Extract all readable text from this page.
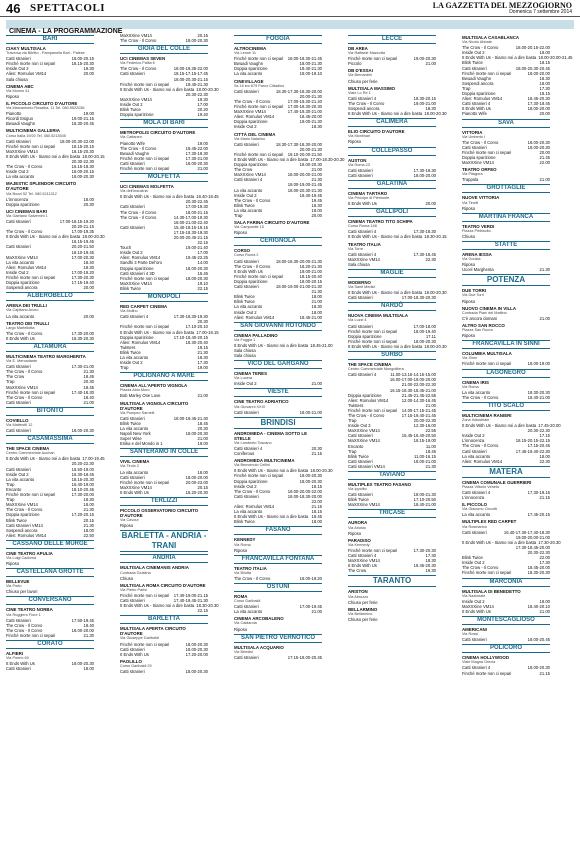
46 SPETTACOLI	LA GAZZETTA DEL MEZZOGIORNO
Domenica 7 settembre 2014
CINEMA - LA PROGRAMMAZIONE
BARI
CIAKY MULTISALA
Traversa via Bitritto - Pampanella Bari - Palese
Catti stranieri	18.00-20.15
Finché morte non ci separi	18.15-20.30
Inside Out 2	19.30
Alien: Romulus VM14	20.00
Sala chiusa
CINEMA ABC
Via Monno 41
Riposo
IL PICCOLO CIRCUITO D'AUTORE
Via Marcantonio Rosalba, 11 Tel. 080.5522036
Pianotto	19.00
Ricordi Esiguo	19.00-21.15
Bwuadi Vaughn	18.30-20.45
MULTICINEMA GALLERIA
Corso Italia 19/20 Tel. 080.5213545
Catti stranieri	18.00-20.30-22.00
Finché morte non ci separi	18.15-20.15
MaXXXine VM14	18.15-20.30
It Ends With Us - Siamo noi a dire basta 18.00-20.15
20.30-22.30
The Crow - Il Corvo	16.15-18.30
Inside Out 2	18.00-20.15
La vita accanto	18.00-20.30
MAJESTIC SPLENDOR CIRCUITO D'AUTORE
Via Bozzi 52 Tel. 080.5211312
L'innocenza	18.00
Doppia sparizione	20.30
UCI CINEMAS BARI
Via Gaetano Salvemini 1
Catti stranieri	17.00-18.15-19.20
20.20-21.15
The Crow - Il Corvo	17.00-19.35
It Ends With Us - Siamo noi a dire basta 18.00-20.30
16.15-19.45
Catti stranieri	20.20-21.50
18.10-19.45
MaXXXine VM14	17.00-20.30
La vita accanto	18.40
Alien: Romulus VM14	18.30
Inside Out 2	17.00-19.20
Finché morte non ci separi	17.30-20.30
Doppia sparizione	17.15-19.40
Sospendi ancora	20.00
ALBEROBELLO
ARENA DEI TRULLI
Via Capitano Arceo
La vita accanto	20.00
TEATRO DEI TRULLI
Largo Martellotta
The Crow - Il Corvo	17.30-20.00
It Ends With Us	18.30-20.30
ALTAMURA
MULTICINEMA TEATRO MARGHERITA
Via E. Mercadante
Catti stranieri	17.30-21.00
The Crow - Il Corvo	21.30
The Crow	18.45
Trap	20.30
MaXXXine VM14	18.45
Finché morte non ci separi	17.40-18.30
The Crow - Il Corvo	18.40
Catti stranieri	21.00
BITONTO
COVIELLO
Via Matteotti 12
Catti stranieri	18.00-20.30
CASAMASSIMA
THE SPACE CINEMA
Centro Commerciale Auchan
It Ends With Us - Siamo noi a dire basta 17.00-19.45
20.20-22.30
Catti stranieri	16.50-19.00
Inside Out 2	16.30-18.45
La vita accanto	18.15-20.30
Trap	16.40-19.00
Encanto	18.10-20.45
Finché morte non ci separi	17.30-20.00
Trap	18.30
MaXXXine VM14	18.00
The Crow - Il Corvo	21.30
Doppia sparizione	17.20-20.15
Blink Twice	20.15
Catti stranieri VM14	21.30
Sospendi ancora	18.00
Alien: Romulus VM14	22.50
CASSANO DELLE MURGE
CINE TEATRO APULIA
Via Luigi Cadorna
Riposo
CASTELLANA GROTTE
BELLEVUE
Via Porto
Chiuso per lavori
CONVERSANO
CINE TEATRO NORBA
Via Ruggiero Fiore 1
Catti stranieri	17.50-19.45
The Crow - Il Corvo	18.40
The Crow - Il Corvo	18.00-20.00
Finché morte non ci separi	21.30
CORATO
ALFIERI
Via Poerio 69
It Ends With Us	18.00-20.30
Catti stranieri	18.00
MaXXXine VM14	20.15
The Crow - Il Corvo	18.00-20.30
GIOIA DEL COLLE
UCI CINEMAS SEVEN
Via Federico Pallia 6
The Crow - Il Corvo	18.00-19.35-22.00
Catti stranieri	18.15-17.15-17.45
18.00-20.30-21.15
Finché morte non ci separi	19.45-21.30
It Ends With Us - Siamo noi a dire basta 18.00-20.30
20.30-22.30
MaXXXine VM14	19.30
Inside Out 2	17.00
Blink Twice	20.20
Doppia sparizione	19.40
MOLA DI BARI
METROPOLIS CIRCUITO D'AUTORE
Via Cattaneo
Pianotto Wife	19.00
The Crow - Il Corvo	19.45-22.00
Bwuadi Vaughn	17.30-19.30
Finché morte non ci separi	17.30-21.00
Catti stranieri	18.00-20.30
Finché morte non ci separi	21.00
MOLFETTA
UCI CINEMAS MOLFETTA
Via dell'Industria
It Ends With Us - Siamo noi a dire basta 16.40-18.45
20.30-22.45
Catti stranieri	17.00-19.30
The Crow - Il Corvo	18.00-21.15
The Crow - Il Corvo	14.30-17.00-19.30
18.00-21.00-22.40
Catti stranieri	15.40-18.15-19.15
17.15-18.30-19.30
20.00-20.45-21.15
22.15
Touch	19.00-21.40
Inside Out 2	17.00
Alien: Romulus VM14	19.45-22.25
Sandhi 3 Parte Del'oro	14.00
Doppia sparizione	18.00-20.30
Catti stranieri 4 3D	15.45
Finché morte non ci separi	18.00-20.30
MaXXXine VM14	19.10
Blink Twice	22.15
MONOPOLI
RED CARPET CINEMA
Via Mulino
Catti stranieri 4	17.30-18.30-19.30
20.30
Finché morte non ci separi	17.10-20.10
It Ends With Us - Siamo noi a dire basta 17.00-18.15
Doppia sparizione	17.10-18.40-20.15
Alien: Romulus VM14	18.30-20.40
Twisters	19.15
Blink Twice	21.30
La vita accanto	18.30
Inside Out 2	17.30
Trap	19.00
POLIGNANO A MARE
CINEMA ALL'APERTO VIGNOLA
Piazza Aldo Moro
Bob Marley One Love	21.00
MULTISALA VIGNOLA CIRCUITO D'AUTORE
Via Pompeo Sarnelli
Catti stranieri	18.00-19.45-21.30
Blink Twice	18.45
La vita accanto	20.30
Napoli New York	18.00-20.30
Super Wise	21.00
Eriika e del Mondo in 1	19.00
SANTERAMO IN COLLE
VIVIL CINEMA
Via Tirolo 2
La vita accanto	18.00
Catti stranieri	18.00-20.00
Finché morte non ci separi	20.00-22.00
MaXXXine VM14	20.15
It Ends With Us	18.20-20.30
TERLIZZI
PICCOLO OSSERVATORIO CIRCUITO D'AUTORE
Via Cavour
Riposo
BARLETTA - ANDRIA - TRANI
ANDRIA
MULTISALA CINEMANIS ANDRIA
Contrada Giustina
Chiuso
MULTISALA ROMA CIRCUITO D'AUTORE
Via Pietro Parisi
Finché morte non ci separi	17.40-19.00-21.15
Catti stranieri	17.40-19.45-21.30
It Ends With Us - Siamo noi a dire basta 18.30-20.30
22.15
BARLETTA
MULTISALA APERTA CIRCUITO D'AUTORE
Via Giuseppe Garibaldi
Finché morte non ci separi	18.00-20.30
Catti stranieri	18.00-20.30
It Ends With Us	17.20-20.00
PAOLILLO
Corso Garibaldi 29
Catti stranieri	18.00-20.30
FOGGIA
ALTROCINEMA
Via Leone 11
Finché morte non ci separi	18.00-18.30-21.45
Bwuadi Vaughn	18.00-21.30
Doppia sparizione	18.40-21.30
La vita accanto	18.00-19.10
CINEVILLAGE
Ss 16 km 679 Parco Cittadino
Catti stranieri	18.30-17.30-18.30-20.00
20.00-21.30
The Crow - Il Corvo	17.00-19.30-21.40
Finché morte non ci separi	17.00-18.30-20.30
MaXXXine VM14	17.40-19.30-21.00
Alien: Romulus VM14	18.45-20.00
Doppia sparizione	19.00-21.30
Inside Out 2	18.30
CITTÀ DEL CINEMA
Via Mario Natalino
Catti stranieri	18.30-17.30-18.30-20.00
20.00-21.30
Finché morte non ci separi	18.10-20.00-21.50
It Ends With Us - Siamo noi a dire basta 17.00-18.30-20.30
Doppia sparizione	18.00-20.30
The Crow	21.00
MaXXXine VM14	18.00-20.00-21.00
Catti stranieri 4	21.30
18.00-19.00-21.45
La vita accanto	18.00-20.30-21.30
Inside Out 2	18.40-19.45
The Crow - Il Corvo	19.45
Blink Twice	18.30
La vita accanto	18.00
Trap	20.00
SALA FARINA CIRCUITO D'AUTORE
Via Campanile 15
Riposo
CERIGNOLA
CORSO
Corso Roma 2
Catti stranieri	18.00-18.30-20.00-21.30
The Crow - Il Corvo	18.20-21.30
It Ends With Us	19.00-21.00
Finché morte non ci separi	18.15-20.40
Doppia sparizione	18.00-20.15
Catti stranieri	18.00-19.00-21.00-21.30
21.30
Blink Twice	18.00
Blink Twice	21.00
La vita accanto	18.30
Inside Out 2	18.00
Alien: Romulus VM14	18.45-21.00
SAN GIOVANNI ROTONDO
CINEMA PALLADINO
Via Foggia 1
It Ends With Us - Siamo noi a dire basta 18.45-21.00
Sala chiusa
Sala chiusa
VICO DEL GARGANO
CINEMA TERES
Via Lucera
Inside Out 2	21.00
VIESTE
CINE TEATRO ADRIATICO
Via Giovanni XXIII
Catti stranieri	18.00-21.00
BRINDISI
ANDROMEDA - CINEMA SOTTO LE STELLE
Via Lamberto Toscano
Catti stranieri 4	20.30
Coniferous	21.15
ANDROMEDA MULTICINEMA
Via Benvenuto Cellini
It Ends With Us - Siamo noi a dire basta 18.00-20.30
Finché morte non ci separi	18.00-20.30
Doppia sparizione	18.00-20.30
Inside Out 2	18.15
The Crow - Il Corvo	18.00-20.00-22.00
Catti stranieri	18.00-18.30-20.00
22.00
Alien: Romulus VM14	21.15
La vita accanto	18.15
It Ends With Us - Siamo noi a dire basta 18.45
Blink Twice	18.00
FASANO
KENNEDY
Via Roma
Riposo
FRANCAVILLA FONTANA
TEATRO ITALIA
Via Bilotta
The Crow - Il Corvo	18.00-19.20
OSTUNI
ROMA
Corso Garibaldi
Catti stranieri	17.00-19.45
La vita accanto	21.00
CINEMA ARCOBALENO
Via Caldarola
Riposo
SAN PIETRO VERNOTICO
MULTISALA ACQUARIO
Via Brindisi
Catti stranieri	17.15-18.00-20.45
LECCE
DB AREA
Via Raffaele Mazzotta
Finché morte non ci separi	19.00-20.30
Piccolo	21.00
DB D'ESSAI
Via Bernardini
Chiuso per ferie
MULTISALA MASSIMO
Viale Lo Re 1
Catti stranieri 4	18.30-20.15
The Crow - Il Corvo	19.00-21.00
Sospendi ancora	18.30
It Ends With Us - Siamo noi a dire basta 18.00-20.30
CALIMERA
ELIO CIRCUITO D'AUTORE
Via Montinari
Riposo
COLLEPASSO
AUSTON
Via Roma 23
Catti stranieri	17.30-19.30
Catti stranieri	18.00-20.00
GALATINA
CINEMA TARTARO
Via Principe di Piemonte
It Ends With Us	20.00
GALLIPOLI
CINEMA TEATRO TITO SCHIPA
Corso Roma 148
Catti stranieri 4	17.30-18.30
It Ends With Us - Siamo noi a dire basta 18.30-20.15
TEATRO ITALIA
Via Torre
Catti stranieri 4	17.30-18.45
MaXXXine VM14	22.30
Sala chiusa
MAGLIE
MODERNO
Via Santi Medici
It Ends With Us - Siamo noi a dire basta 18.00-20.30
Catti stranieri	17.00-18.30-20.30
NARDÒ
NUOVA CINEMA MULTISALA
Via Luzzi 4
Catti stranieri	17.00-18.00
Finché morte non ci separi	18.00-19.40
Doppia sparizione	17.11
Finché morte non ci separi	18.00-20.30
It Ends With Us - Siamo noi a dire basta 18.00-20.30
SURBO
THE SPACE CINEMA
Centro Commerciale Mongolfiera
Catti stranieri 4	11.00-13.15-14.15-15.00
16.00-17.00-19.00-20.00
21.00-22.00-22.30
16.15-18.30-18.45-21.00
Doppia sparizione	21.45-21.45-22.55
Alien: Romulus VM14	12.00-14.30-16.45
Twisters	21.00
Finché morte non ci separi	14.00-17.15-21.45
The Crow - Il Corvo	17.15-19.40-21.45
Trap	20.00-22.30
Inside Out 2	12.30-16.00
MaXXXine VM14	22.55
Catti stranieri	15.45-16.40-20.50
MaXXXine VM14	16.15-19.00
Encanto	11.00
Trap	18.45
Blink Twice	11.00-16.15
Catti stranieri	18.00-21.00
Catti stranieri VM14	21.30
TAVIANO
MULTIPLEX TEATRO FASANO
Via Ippolito
Catti stranieri	18.00-21.30
Blink Twice	17.10-20.50
MaXXXine VM14	18.40-21.00
TRICASE
AURORA
Via Ariosto
Riposo
PARADISO
Via Kennedy
Finché morte non ci separi	17.30-20.30
Catti stranieri 4	17.30
MaXXXine VM14	18.30
It Ends With Us	18.45-20.30
The Crow	19.30
TARANTO
ARISTON
Via Abruzzo
Chiuso per ferie
BELLARMINO
Via Bellarmino
Chiuso per ferie
MULTISALA CASABLANCA
Via Nicolo Abbate
The Crow - Il Corvo	18.00-20.15-22.00
Inside Out 2	18.00
It Ends With Us - Siamo noi a dire basta 18.00-20.00-21.45
Blink Twice	18.15
Catti stranieri	18.00-20.30-20.45
Finché morte non ci separi	18.00-20.00
Bwuadi Vaughn	18.30
Sospendi ancora	18.00
Trap	17.30
Doppia sparizione	18.15
Alien: Romulus VM14	18.45-20.30
Catti stranieri 4	17.30-18.45
It Ends With Us	18.00-20.00
Pianotto Wife	20.00
SAVA
VITTORIA
Via Umberto I
The Crow - Il Corvo	18.00-20.30
Catti stranieri	18.00-20.30
Finché morte non ci separi	20.00
Doppia sparizione	21.45
MaXXXine VM14	22.00
TEATRO ORFEO
Via Pitagora
Trappola	21.00
GROTTAGLIE
NUOVE VITTORIA
Via Tinelli
Riposo
MARTINA FRANCA
TEATRO VERDI
Piazza Plebiscito
Chiuso
STATTE
ARENA IESSA
Via Gorizia
Riposo
Uccel Marghenta	21.30
POTENZA
DUE TORRI
Via Due Torri
Riposo
NUOVO CINEMA IN VILLA
Contrada Piani del Mattino
C'è ancora domani	21.00
ALTRO SAN ROCCO
Piazza San Rocco
Riposo
FRANCAVILLA IN SINNI
COLUMBIA MULTISALA
Via Sinni
Finché morte non ci separi	18.00-19.00
LAGONEGRO
CINEMA IRIS
Via Roma
La vita accanto	18.30-20.30
The Crow - Il Corvo	18.40-21.00
TITO SCALO
MULTICINEMA RANIERI
Zona Industriale
It Ends With Us - Siamo noi a dire basta 17.45-20.00
20.30-22.30
Inside Out 2	17.15
L'innocenza	18.15-20.15-22.15
The Crow - Il Corvo	17.15-20.45
Catti stranieri	17.45-19.40-22.30
La vita accanto	18.00
Alien: Romulus VM14	22.30
MATERA
CINEMA COMUNALE GUERRIERI
Piazza Vittorio Veneto
Catti stranieri 4	17.30-19.15
L'innocenza	21.15
IL PICCOLO
Via Giacomo Ciccotti
La vita accanto	17.45-20.15
MULTIPLEX RED CARPET
Via Rosmarino
Catti stranieri	16.40-17.30-17.40-18.30
19.00-20.00-21.00
It Ends With Us - Siamo noi a dire basta 17.30-20.30
17.30-18.45-20.00
20.30-22.30
Blink Twice	22.00
Inside Out 2	17.30
The Crow - Il Corvo	18.45-20.00
Finché morte non ci separi	18.30-20.30
MARCONIA
MULTISALA DI BENEDETTO
Via Nazionale
Inside Out 2	18.00
MaXXXine VM14	18.40-20.10
It Ends With Us	21.00
MONTESCAGLIOSO
AMERICANI
Via Rossi
Catti stranieri	18.00-20.45
POLICORO
CINEMA HOLLYWOOD
Viale Magna Grecia
Catti stranieri 4	18.00-20.30
Finché morte non ci separi	21.15
